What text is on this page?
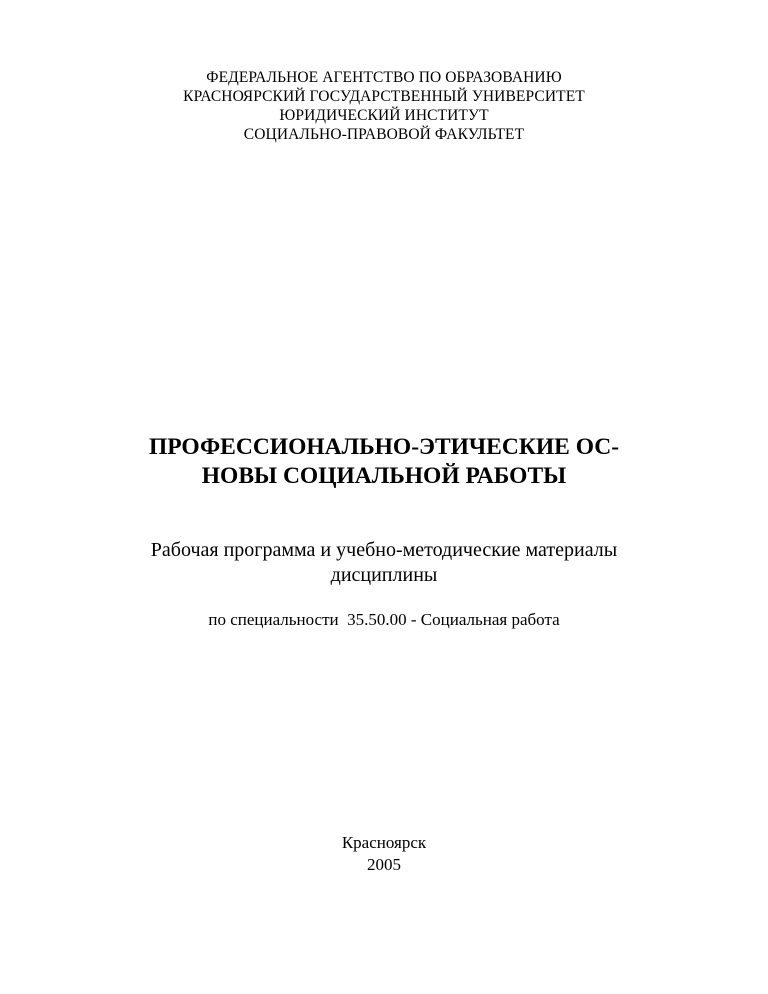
ФЕДЕРАЛЬНОЕ АГЕНТСТВО ПО ОБРАЗОВАНИЮ
КРАСНОЯРСКИЙ ГОСУДАРСТВЕННЫЙ УНИВЕРСИТЕТ
ЮРИДИЧЕСКИЙ ИНСТИТУТ
СОЦИАЛЬНО-ПРАВОВОЙ ФАКУЛЬТЕТ
ПРОФЕССИОНАЛЬНО-ЭТИЧЕСКИЕ ОС-
НОВЫ СОЦИАЛЬНОЙ РАБОТЫ
Рабочая программа и учебно-методические материалы
дисциплины
по специальности  35.50.00 - Социальная работа
Красноярск
2005
